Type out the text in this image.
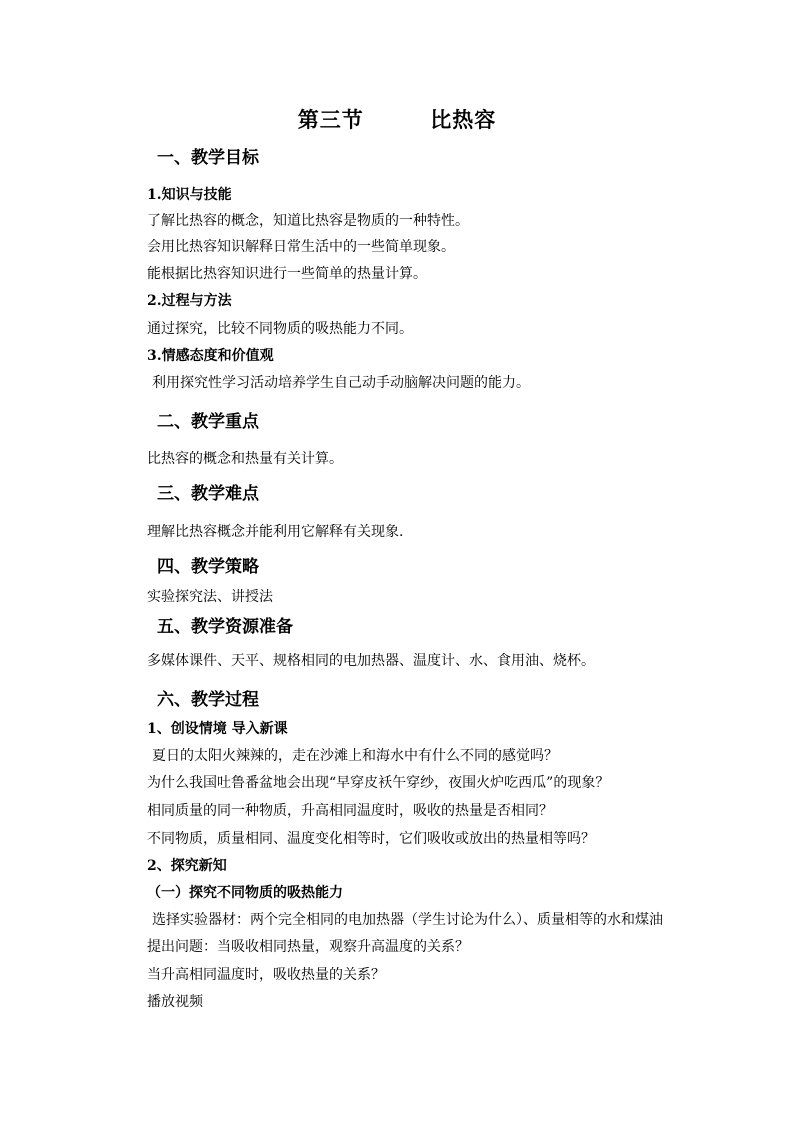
第三节        比热容
一、教学目标
1.知识与技能
了解比热容的概念，知道比热容是物质的一种特性。
会用比热容知识解释日常生活中的一些简单现象。
能根据比热容知识进行一些简单的热量计算。
2.过程与方法
通过探究，比较不同物质的吸热能力不同。
3.情感态度和价值观
利用探究性学习活动培养学生自己动手动脑解决问题的能力。
二、教学重点
比热容的概念和热量有关计算。
三、教学难点
理解比热容概念并能利用它解释有关现象.
四、教学策略
实验探究法、讲授法
五、教学资源准备
多媒体课件、天平、规格相同的电加热器、温度计、水、食用油、烧杯。
六、教学过程
1、创设情境 导入新课
夏日的太阳火辣辣的，走在沙滩上和海水中有什么不同的感觉吗？
为什么我国吐鲁番盆地会出现“早穿皮袄午穿纱，夜围火炉吃西瓜”的现象？
相同质量的同一种物质，升高相同温度时，吸收的热量是否相同？
不同物质，质量相同、温度变化相等时，它们吸收或放出的热量相等吗？
2、探究新知
（一）探究不同物质的吸热能力
选择实验器材：两个完全相同的电加热器（学生讨论为什么）、质量相等的水和煤油
提出问题：当吸收相同热量，观察升高温度的关系？
当升高相同温度时，吸收热量的关系？
播放视频
